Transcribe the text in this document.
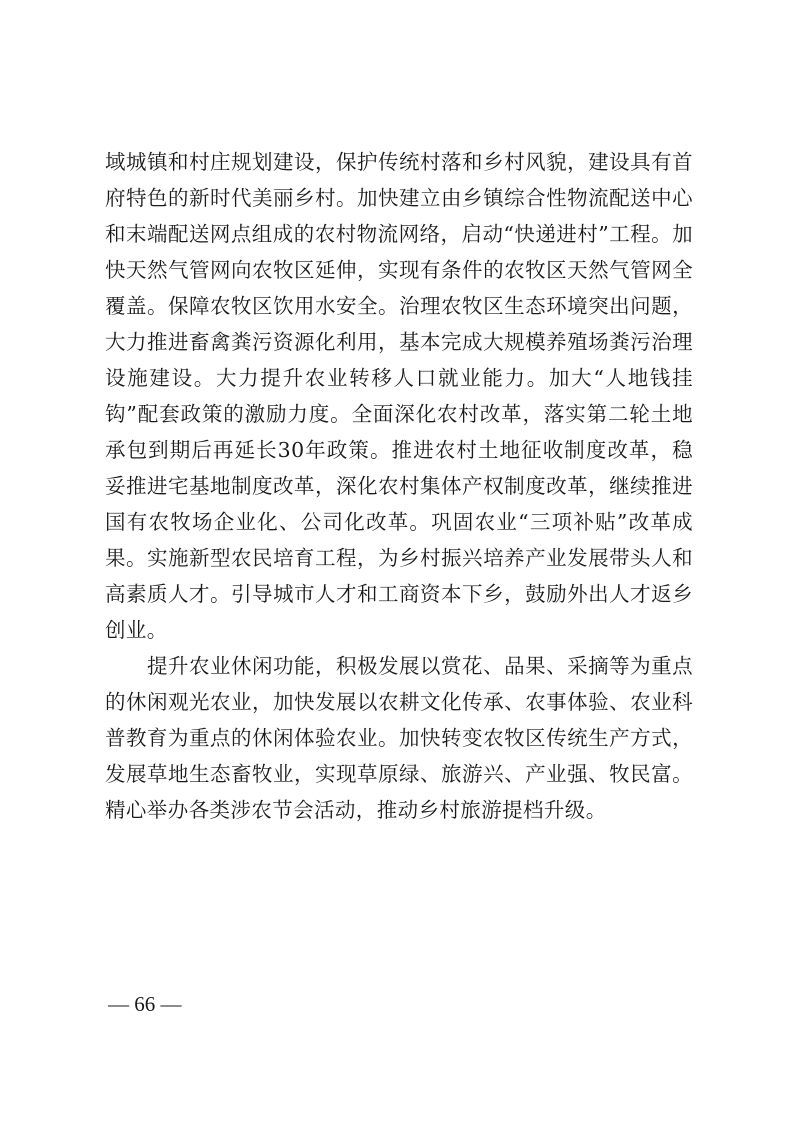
域城镇和村庄规划建设，保护传统村落和乡村风貌，建设具有首府特色的新时代美丽乡村。加快建立由乡镇综合性物流配送中心和末端配送网点组成的农村物流网络，启动“快递进村”工程。加快天然气管网向农牧区延伸，实现有条件的农牧区天然气管网全覆盖。保障农牧区饮用水安全。治理农牧区生态环境突出问题，大力推进畜禽粪污资源化利用，基本完成大规模养殖场粪污治理设施建设。大力提升农业转移人口就业能力。加大“人地钱挂钩”配套政策的激励力度。全面深化农村改革，落实第二轮土地承包到期后再延长30年政策。推进农村土地征收制度改革，稳妥推进宅基地制度改革，深化农村集体产权制度改革，继续推进国有农牧场企业化、公司化改革。巩固农业“三项补贴”改革成果。实施新型农民培育工程，为乡村振兴培养产业发展带头人和高素质人才。引导城市人才和工商资本下乡，鼓励外出人才返乡创业。

　　提升农业休闲功能，积极发展以赏花、品果、采摘等为重点的休闲观光农业，加快发展以农耕文化传承、农事体验、农业科普教育为重点的休闲体验农业。加快转变农牧区传统生产方式，发展草地生态畜牧业，实现草原绿、旅游兴、产业强、牧民富。精心举办各类涉农节会活动，推动乡村旅游提档升级。

— 66 —
